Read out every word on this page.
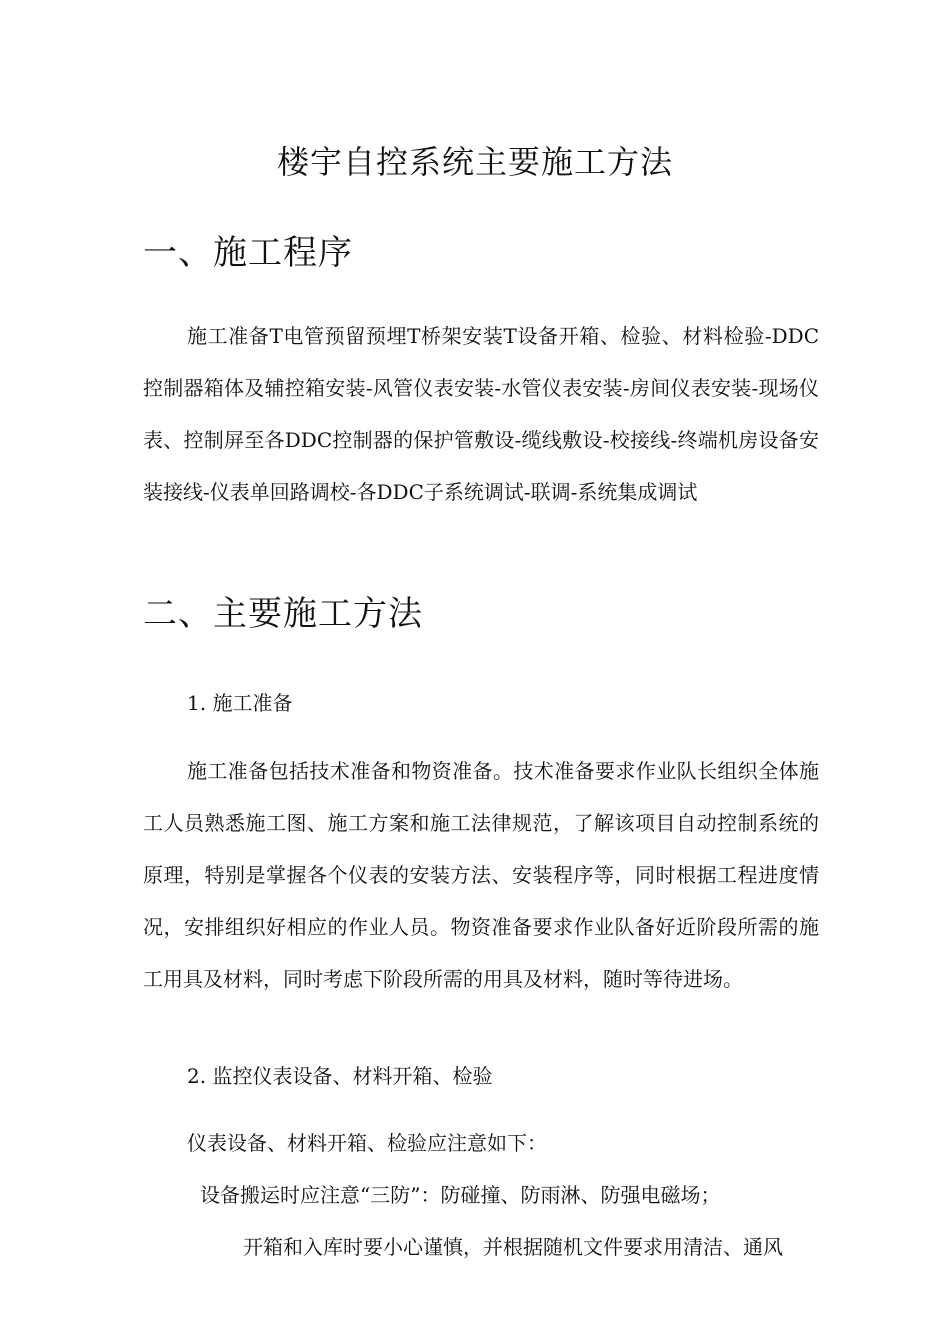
楼宇自控系统主要施工方法
一、施工程序

施工准备T电管预留预埋T桥架安装T设备开箱、检验、材料检验-DDC控制器箱体及辅控箱安装-风管仪表安装-水管仪表安装-房间仪表安装-现场仪表、控制屏至各DDC控制器的保护管敷设-缆线敷设-校接线-终端机房设备安装接线-仪表单回路调校-各DDC子系统调试-联调-系统集成调试

二、主要施工方法
1. 施工准备

施工准备包括技术准备和物资准备。技术准备要求作业队长组织全体施工人员熟悉施工图、施工方案和施工法律规范，了解该项目自动控制系统的原理，特别是掌握各个仪表的安装方法、安装程序等，同时根据工程进度情况，安排组织好相应的作业人员。物资准备要求作业队备好近阶段所需的施工用具及材料，同时考虑下阶段所需的用具及材料，随时等待进场。

2. 监控仪表设备、材料开箱、检验
仪表设备、材料开箱、检验应注意如下：
设备搬运时应注意“三防”：防碰撞、防雨淋、防强电磁场；
开箱和入库时要小心谨慎，并根据随机文件要求用清洁、通风
